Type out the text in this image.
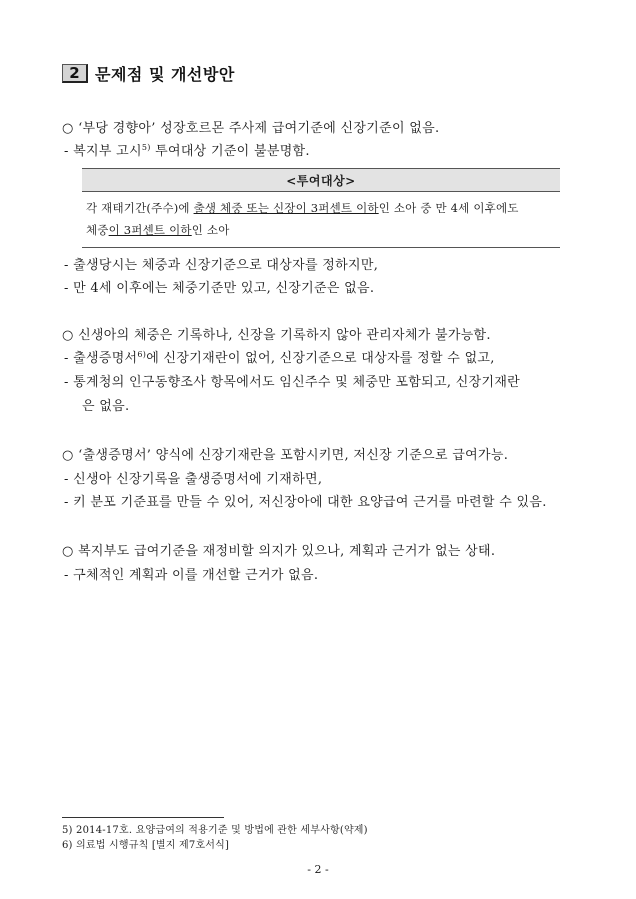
2 문제점 및 개선방안
○ ‘부당 경향아’ 성장호르몬 주사제 급여기준에 신장기준이 없음.
- 복지부 고시$^{5)}$ 투여대상 기준이 불분명함.
<투여대상>
각 재태기간(주수)에 출생 체중 또는 신장이 3퍼센트 이하인 소아 중 만 4세 이후에도
체중이 3퍼센트 이하인 소아
- 출생당시는 체중과 신장기준으로 대상자를 정하지만,
- 만 4세 이후에는 체중기준만 있고, 신장기준은 없음.
○ 신생아의 체중은 기록하나, 신장을 기록하지 않아 관리자체가 불가능함.
- 출생증명서$^{6)}$에 신장기재란이 없어, 신장기준으로 대상자를 정할 수 없고,
- 통계청의 인구동향조사 항목에서도 임신주수 및 체중만 포함되고, 신장기재란
은 없음.
○ ‘출생증명서’ 양식에 신장기재란을 포함시키면, 저신장 기준으로 급여가능.
- 신생아 신장기록을 출생증명서에 기재하면,
- 키 분포 기준표를 만들 수 있어, 저신장아에 대한 요양급여 근거를 마련할 수 있음.
○ 복지부도 급여기준을 재정비할 의지가 있으나, 계획과 근거가 없는 상태.
- 구체적인 계획과 이를 개선할 근거가 없음.
5) 2014-17호. 요양급여의 적용기준 및 방법에 관한 세부사항(약제)
6) 의료법 시행규칙 [별지 제7호서식]
- 2 -
